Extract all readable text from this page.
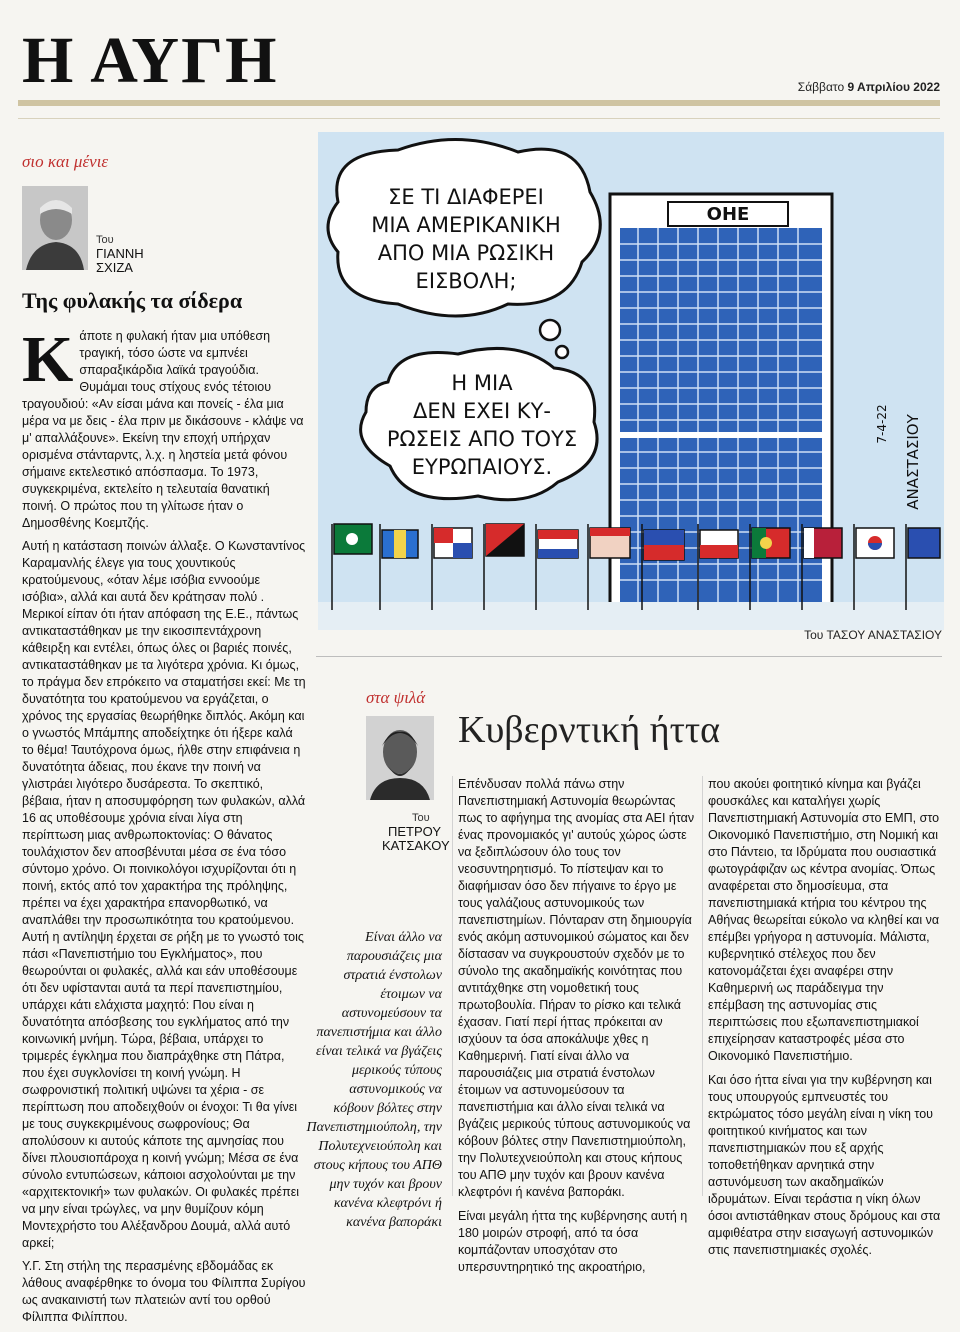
Η ΑΥΓΗ	Σάββατο 9 Απριλίου 2022
σιο και μένιε
Του
ΓΙΑΝΝΗ
ΣΧΙΖΑ
Της φυλακής τα σίδερα

Κάποτε η φυλακή ήταν μια υπόθεση τραγική, τόσο ώστε να εμπνέει σπαραξικάρδια λαϊκά τραγούδια. Θυμάμαι τους στίχους ενός τέτοιου τραγουδιού: «Αν είσαι μάνα και πονείς - έλα μια μέρα να με δεις - έλα πριν με δικάσουνε - κλάψε να μ' απαλλάξουνε». Εκείνη την εποχή υπήρχαν ορισμένα στάνταρντς, λ.χ. η ληστεία μετά φόνου σήμαινε εκτελεστικό απόσπασμα. Το 1973, συγκεκριμένα, εκτελείτο η τελευταία θανατική ποινή. Ο πρώτος που τη γλίτωσε ήταν ο Δημοσθένης Κοεμτζής.

Αυτή η κατάσταση ποινών άλλαξε. Ο Κωνσταντίνος Καραμανλής έλεγε για τους χουντικούς κρατούμενους, «όταν λέμε ισόβια εννοούμε ισόβια», αλλά και αυτά δεν κράτησαν πολύ . Μερικοί είπαν ότι ήταν απόφαση της Ε.Ε., πάντως αντικαταστάθηκαν με την εικοσιπεντάχρονη κάθειρξη και εντέλει, όπως όλες οι βαριές ποινές, αντικαταστάθηκαν με τα λιγότερα χρόνια. Κι όμως, το πράγμα δεν επρόκειτο να σταματήσει εκεί: Με τη δυνατότητα του κρατούμενου να εργάζεται, ο χρόνος της εργασίας θεωρήθηκε διπλός. Ακόμη και ο γνωστός Μπάμπης αποδείχτηκε ότι ήξερε καλά το θέμα! Ταυτόχρονα όμως, ήλθε στην επιφάνεια η δυνατότητα άδειας, που έκανε την ποινή να γλιστράει λιγότερο δυσάρεστα. Το σκεπτικό, βέβαια, ήταν η αποσυμφόρηση των φυλακών, αλλά 16 ας υποθέσουμε χρόνια είναι λίγα στη περίπτωση μιας ανθρωποκτονίας: Ο θάνατος τουλάχιστον δεν αποσβένυται μέσα σε ένα τόσο σύντομο χρόνο. Οι ποινικολόγοι ισχυρίζονται ότι η ποινή, εκτός από τον χαρακτήρα της πρόληψης, πρέπει να έχει χαρακτήρα επανορθωτικό, να αναπλάθει την προσωπικότητα του κρατούμενου. Αυτή η αντίληψη έρχεται σε ρήξη με το γνωστό τοις πάσι «Πανεπιστήμιο του Εγκλήματος», που θεωρούνται οι φυλακές, αλλά και εάν υποθέσουμε ότι δεν υφίστανται αυτά τα περί πανεπιστημίου, υπάρχει κάτι ελάχιστα μαχητό: Που είναι η δυνατότητα απόσβεσης του εγκλήματος από την κοινωνική μνήμη. Τώρα, βέβαια, υπάρχει το τριμερές έγκλημα που διαπράχθηκε στη Πάτρα, που έχει συγκλονίσει τη κοινή γνώμη. Η σωφρονιστική πολιτική υψώνει τα χέρια - σε περίπτωση που αποδειχθούν οι ένοχοι: Τι θα γίνει με τους συγκεκριμένους σωφρονίους; Θα απολύσουν κι αυτούς κάποτε της αμνησίας που δίνει πλουσιοπάροχα η κοινή γνώμη; Μέσα σε ένα σύνολο εντυπώσεων, κάποιοι ασχολούνται με την «αρχιτεκτονική» των φυλακών. Οι φυλακές πρέπει να μην είναι τρώγλες, να μην θυμίζουν κόμη Μοντεχρήστο του Αλέξανδρου Δουμά, αλλά αυτό αρκεί;

Υ.Γ. Στη στήλη της περασμένης εβδομάδας εκ λάθους αναφέρθηκε το όνομα του Φίλιππα Συρίγου ως ανακαινιστή των πλατειών αντί του ορθού Φίλιππα Φιλίππου.

ΟΗΕ
ΣΕ ΤΙ ΔΙΑΦΕΡΕΙ
ΜΙΑ ΑΜΕΡΙΚΑΝΙΚΗ
ΑΠΟ ΜΙΑ ΡΩΣΙΚΗ
ΕΙΣΒΟΛΗ;
Η ΜΙΑ
ΔΕΝ ΕΧΕΙ ΚΥ-
ΡΩΣΕΙΣ ΑΠΟ ΤΟΥΣ
ΕΥΡΩΠΑΙΟΥΣ.	ΑΝΑΣΤΑΣΙΟΥ
7-4-22
Του ΤΑΣΟΥ ΑΝΑΣΤΑΣΙΟΥ
στα ψιλά
Του
ΠΕΤΡΟΥ
ΚΑΤΣΑΚΟΥ
Κυβερντική ήττα
Είναι άλλο να παρουσιάζεις μια στρατιά ένστολων έτοιμων να αστυνομεύσουν τα πανεπιστήμια και άλλο είναι τελικά να βγάζεις μερικούς τύπους αστυνομικούς να κόβουν βόλτες στην Πανεπιστημιούπολη, την Πολυτεχνειούπολη και στους κήπους του ΑΠΘ μην τυχόν και βρουν κανένα κλεφτρόνι ή κανένα βαποράκι

Επένδυσαν πολλά πάνω στην Πανεπιστημιακή Αστυνομία θεωρώντας πως το αφήγημα της ανομίας στα ΑΕΙ ήταν ένας προνομιακός γι' αυτούς χώρος ώστε να ξεδιπλώσουν όλο τους τον νεοσυντηρητισμό. Το πίστεψαν και το διαφήμισαν όσο δεν πήγαινε το έργο με τους γαλάζιους αστυνομικούς των πανεπιστημίων. Πόνταραν στη δημιουργία ενός ακόμη αστυνομικού σώματος και δεν δίστασαν να συγκρουστούν σχεδόν με το σύνολο της ακαδημαϊκής κοινότητας που αντιτάχθηκε στη νομοθετική τους πρωτοβουλία. Πήραν το ρίσκο και τελικά έχασαν. Γιατί περί ήττας πρόκειται αν ισχύουν τα όσα αποκάλυψε χθες η Καθημερινή. Γιατί είναι άλλο να παρουσιάζεις μια στρατιά ένστολων έτοιμων να αστυνομεύσουν τα πανεπιστήμια και άλλο είναι τελικά να βγάζεις μερικούς τύπους αστυνομικούς να κόβουν βόλτες στην Πανεπιστημιούπολη, την Πολυτεχνειούπολη και στους κήπους του ΑΠΘ μην τυχόν και βρουν κανένα κλεφτρόνι ή κανένα βαποράκι.

Είναι μεγάλη ήττα της κυβέρνησης αυτή η 180 μοιρών στροφή, από τα όσα κομπάζονταν υποσχόταν στο υπερσυντηρητικό της ακροατήριο,

που ακούει φοιτητικό κίνημα και βγάζει φουσκάλες και καταλήγει χωρίς Πανεπιστημιακή Αστυνομία στο ΕΜΠ, στο Οικονομικό Πανεπιστήμιο, στη Νομική και στο Πάντειο, τα Ιδρύματα που ουσιαστικά φωτογράφιζαν ως κέντρα ανομίας. Όπως αναφέρεται στο δημοσίευμα, στα πανεπιστημιακά κτήρια του κέντρου της Αθήνας θεωρείται εύκολο να κληθεί και να επέμβει γρήγορα η αστυνομία. Μάλιστα, κυβερνητικό στέλεχος που δεν κατονομάζεται έχει αναφέρει στην Καθημερινή ως παράδειγμα την επέμβαση της αστυνομίας στις περιπτώσεις που εξωπανεπιστημιακοί επιχείρησαν καταστροφές μέσα στο Οικονομικό Πανεπιστήμιο.

Και όσο ήττα είναι για την κυβέρνηση και τους υπουργούς εμπνευστές του εκτρώματος τόσο μεγάλη είναι η νίκη του φοιτητικού κινήματος και των πανεπιστημιακών που εξ αρχής τοποθετήθηκαν αρνητικά στην αστυνόμευση των ακαδημαϊκών ιδρυμάτων. Είναι τεράστια η νίκη όλων όσοι αντιστάθηκαν στους δρόμους και στα αμφιθέατρα στην εισαγωγή αστυνομικών στις πανεπιστημιακές σχολές.
